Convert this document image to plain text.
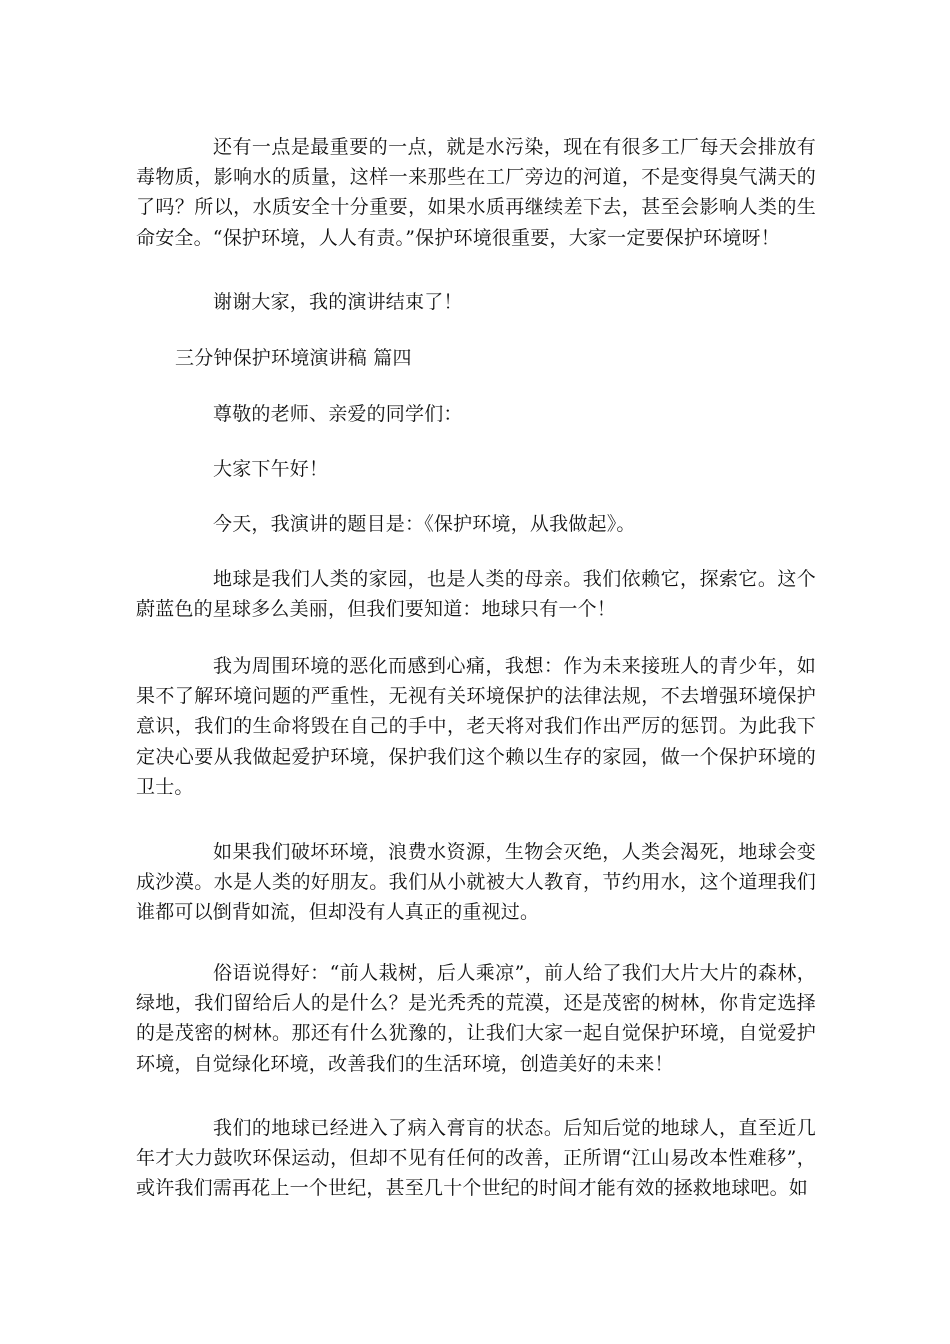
还有一点是最重要的一点，就是水污染，现在有很多工厂每天会排放有毒物质，影响水的质量，这样一来那些在工厂旁边的河道，不是变得臭气满天的了吗？所以，水质安全十分重要，如果水质再继续差下去，甚至会影响人类的生命安全。“保护环境，人人有责。”保护环境很重要，大家一定要保护环境呀！

谢谢大家，我的演讲结束了！

三分钟保护环境演讲稿 篇四

尊敬的老师、亲爱的同学们：

大家下午好！

今天，我演讲的题目是：《保护环境，从我做起》。

地球是我们人类的家园，也是人类的母亲。我们依赖它，探索它。这个蔚蓝色的星球多么美丽，但我们要知道：地球只有一个！

我为周围环境的恶化而感到心痛，我想：作为未来接班人的青少年，如果不了解环境问题的严重性，无视有关环境保护的法律法规，不去增强环境保护意识，我们的生命将毁在自己的手中，老天将对我们作出严厉的惩罚。为此我下定决心要从我做起爱护环境，保护我们这个赖以生存的家园，做一个保护环境的卫士。

如果我们破坏环境，浪费水资源，生物会灭绝，人类会渴死，地球会变成沙漠。水是人类的好朋友。我们从小就被大人教育，节约用水，这个道理我们谁都可以倒背如流，但却没有人真正的重视过。

俗语说得好：“前人栽树，后人乘凉”，前人给了我们大片大片的森林，绿地，我们留给后人的是什么？是光秃秃的荒漠，还是茂密的树林，你肯定选择的是茂密的树林。那还有什么犹豫的，让我们大家一起自觉保护环境，自觉爱护环境，自觉绿化环境，改善我们的生活环境，创造美好的未来！

我们的地球已经进入了病入膏肓的状态。后知后觉的地球人，直至近几年才大力鼓吹环保运动，但却不见有任何的改善，正所谓“江山易改本性难移”，或许我们需再花上一个世纪，甚至几十个世纪的时间才能有效的拯救地球吧。如
